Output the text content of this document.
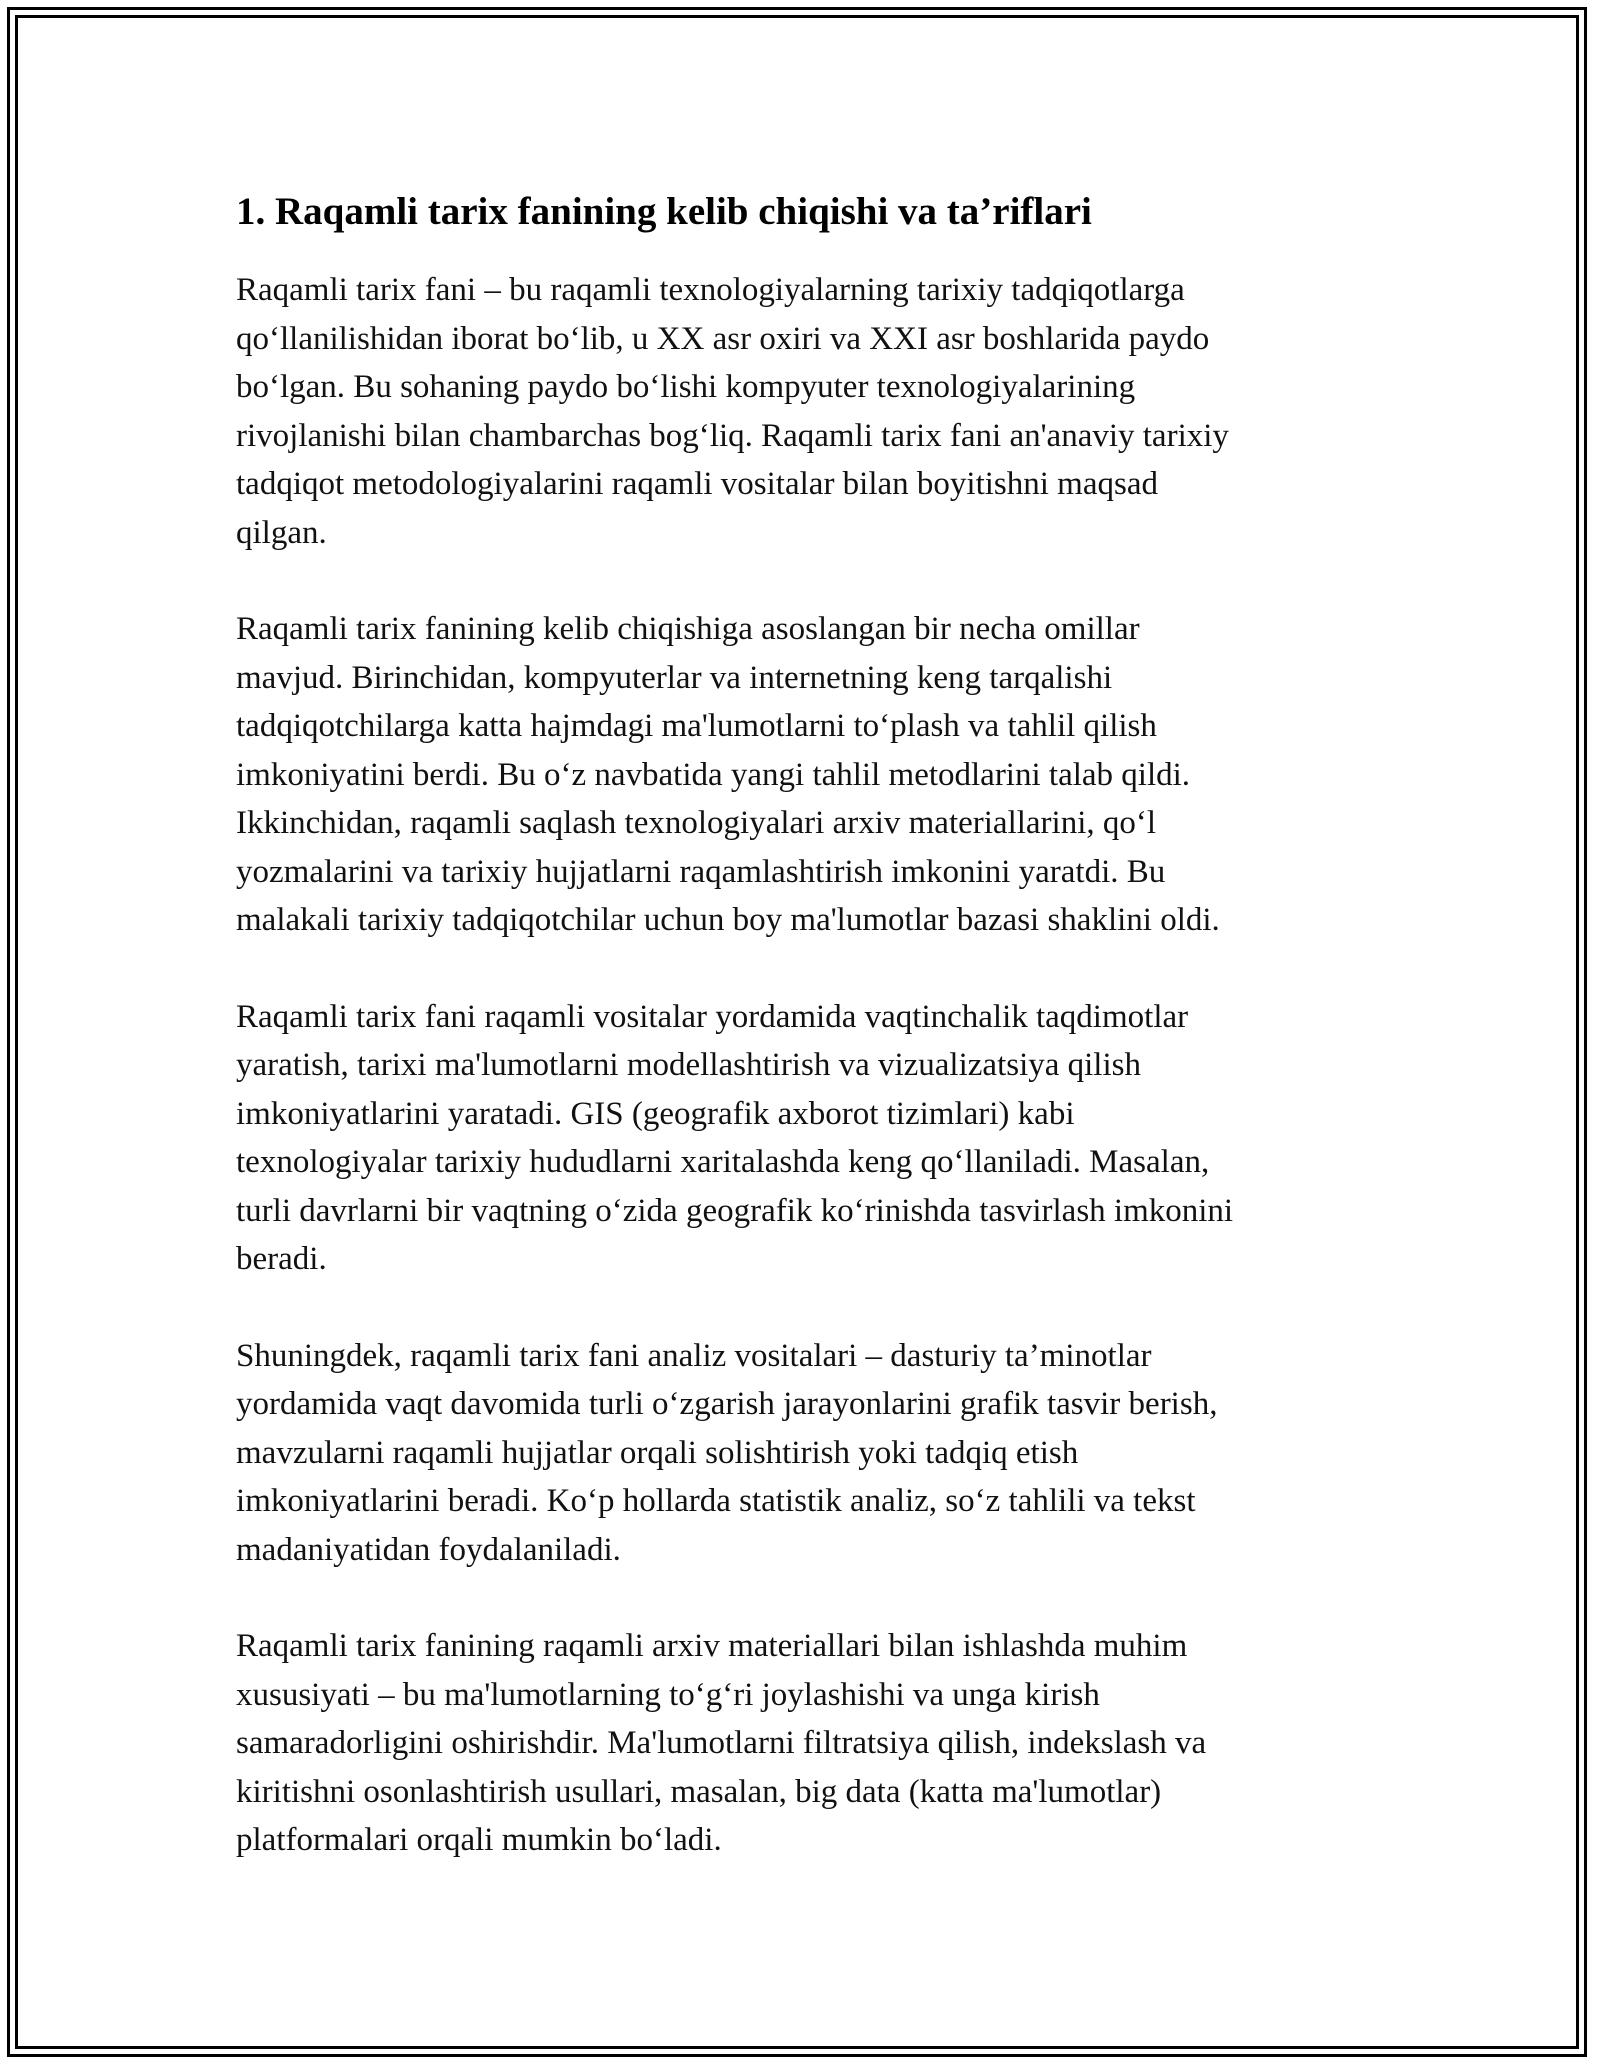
1. Raqamli tarix fanining kelib chiqishi va ta’riflari

Raqamli tarix fani – bu raqamli texnologiyalarning tarixiy tadqiqotlarga
qo‘llanilishidan iborat bo‘lib, u XX asr oxiri va XXI asr boshlarida paydo
bo‘lgan. Bu sohaning paydo bo‘lishi kompyuter texnologiyalarining
rivojlanishi bilan chambarchas bog‘liq. Raqamli tarix fani an'anaviy tarixiy
tadqiqot metodologiyalarini raqamli vositalar bilan boyitishni maqsad
qilgan.

Raqamli tarix fanining kelib chiqishiga asoslangan bir necha omillar
mavjud. Birinchidan, kompyuterlar va internetning keng tarqalishi
tadqiqotchilarga katta hajmdagi ma'lumotlarni to‘plash va tahlil qilish
imkoniyatini berdi. Bu o‘z navbatida yangi tahlil metodlarini talab qildi.
Ikkinchidan, raqamli saqlash texnologiyalari arxiv materiallarini, qo‘l
yozmalarini va tarixiy hujjatlarni raqamlashtirish imkonini yaratdi. Bu
malakali tarixiy tadqiqotchilar uchun boy ma'lumotlar bazasi shaklini oldi.

Raqamli tarix fani raqamli vositalar yordamida vaqtinchalik taqdimotlar
yaratish, tarixi ma'lumotlarni modellashtirish va vizualizatsiya qilish
imkoniyatlarini yaratadi. GIS (geografik axborot tizimlari) kabi
texnologiyalar tarixiy hududlarni xaritalashda keng qo‘llaniladi. Masalan,
turli davrlarni bir vaqtning o‘zida geografik ko‘rinishda tasvirlash imkonini
beradi.

Shuningdek, raqamli tarix fani analiz vositalari – dasturiy ta’minotlar
yordamida vaqt davomida turli o‘zgarish jarayonlarini grafik tasvir berish,
mavzularni raqamli hujjatlar orqali solishtirish yoki tadqiq etish
imkoniyatlarini beradi. Ko‘p hollarda statistik analiz, so‘z tahlili va tekst
madaniyatidan foydalaniladi.

Raqamli tarix fanining raqamli arxiv materiallari bilan ishlashda muhim
xususiyati – bu ma'lumotlarning to‘g‘ri joylashishi va unga kirish
samaradorligini oshirishdir. Ma'lumotlarni filtratsiya qilish, indekslash va
kiritishni osonlashtirish usullari, masalan, big data (katta ma'lumotlar)
platformalari orqali mumkin bo‘ladi.
